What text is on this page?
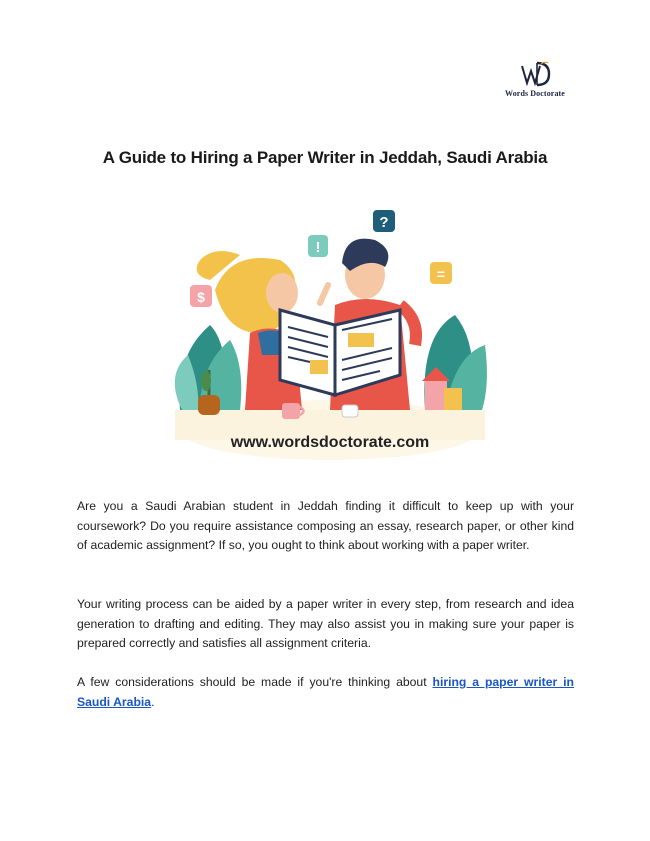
Words Doctorate
A Guide to Hiring a Paper Writer in Jeddah, Saudi Arabia
?
!
$
=
www.wordsdoctorate.com
Are you a Saudi Arabian student in Jeddah finding it difficult to keep up with your coursework? Do you require assistance composing an essay, research paper, or other kind of academic assignment? If so, you ought to think about working with a paper writer.
Your writing process can be aided by a paper writer in every step, from research and idea generation to drafting and editing. They may also assist you in making sure your paper is prepared correctly and satisfies all assignment criteria.
A few considerations should be made if you're thinking about hiring a paper writer in Saudi Arabia.
